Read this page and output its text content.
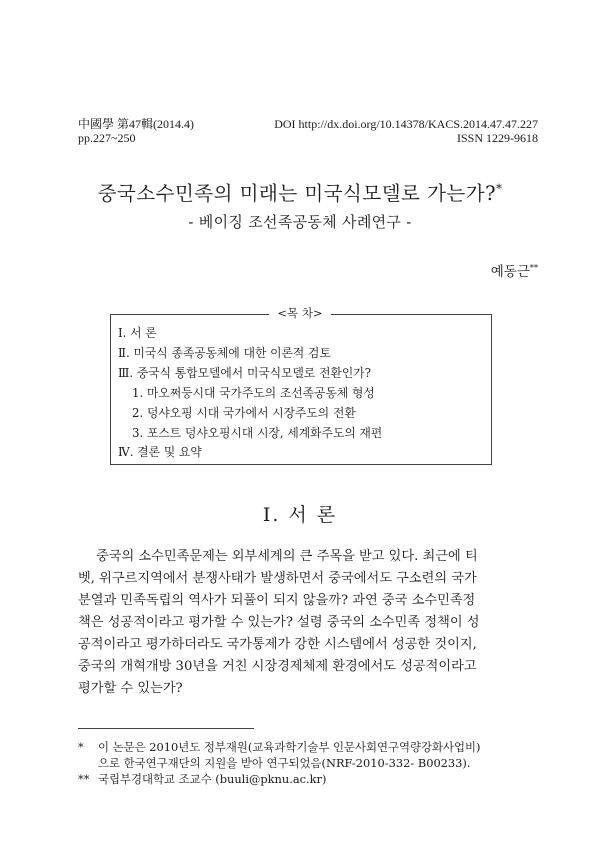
中國學 第47輯(2014.4)
pp.227~250
DOI http://dx.doi.org/10.14378/KACS.2014.47.47.227
ISSN 1229-9618
중국소수민족의 미래는 미국식모델로 가는가?*
- 베이징 조선족공동체 사례연구 -
예동근**
<목 차>
Ⅰ. 서 론
Ⅱ. 미국식 종족공동체에 대한 이론적 검토
Ⅲ. 중국식 통합모델에서 미국식모델로 전환인가?
1. 마오쩌둥시대 국가주도의 조선족공동체 형성
2. 덩샤오핑 시대 국가에서 시장주도의 전환
3. 포스트 덩샤오핑시대 시장, 세계화주도의 재편
Ⅳ. 결론 및 요약
Ⅰ. 서 론
중국의 소수민족문제는 외부세계의 큰 주목을 받고 있다. 최근에 티
벳, 위구르지역에서 분쟁사태가 발생하면서 중국에서도 구소련의 국가
분열과 민족독립의 역사가 되풀이 되지 않을까? 과연 중국 소수민족정
책은 성공적이라고 평가할 수 있는가? 설령 중국의 소수민족 정책이 성
공적이라고 평가하더라도 국가통제가 강한 시스템에서 성공한 것이지,
중국의 개혁개방 30년을 거친 시장경제체제 환경에서도 성공적이라고
평가할 수 있는가?
* 이 논문은 2010년도 정부재원(교육과학기술부 인문사회연구역량강화사업비)
으로 한국연구재단의 지원을 받아 연구되었음(NRF-2010-332- B00233).
** 국립부경대학교 조교수 (buuli@pknu.ac.kr)
